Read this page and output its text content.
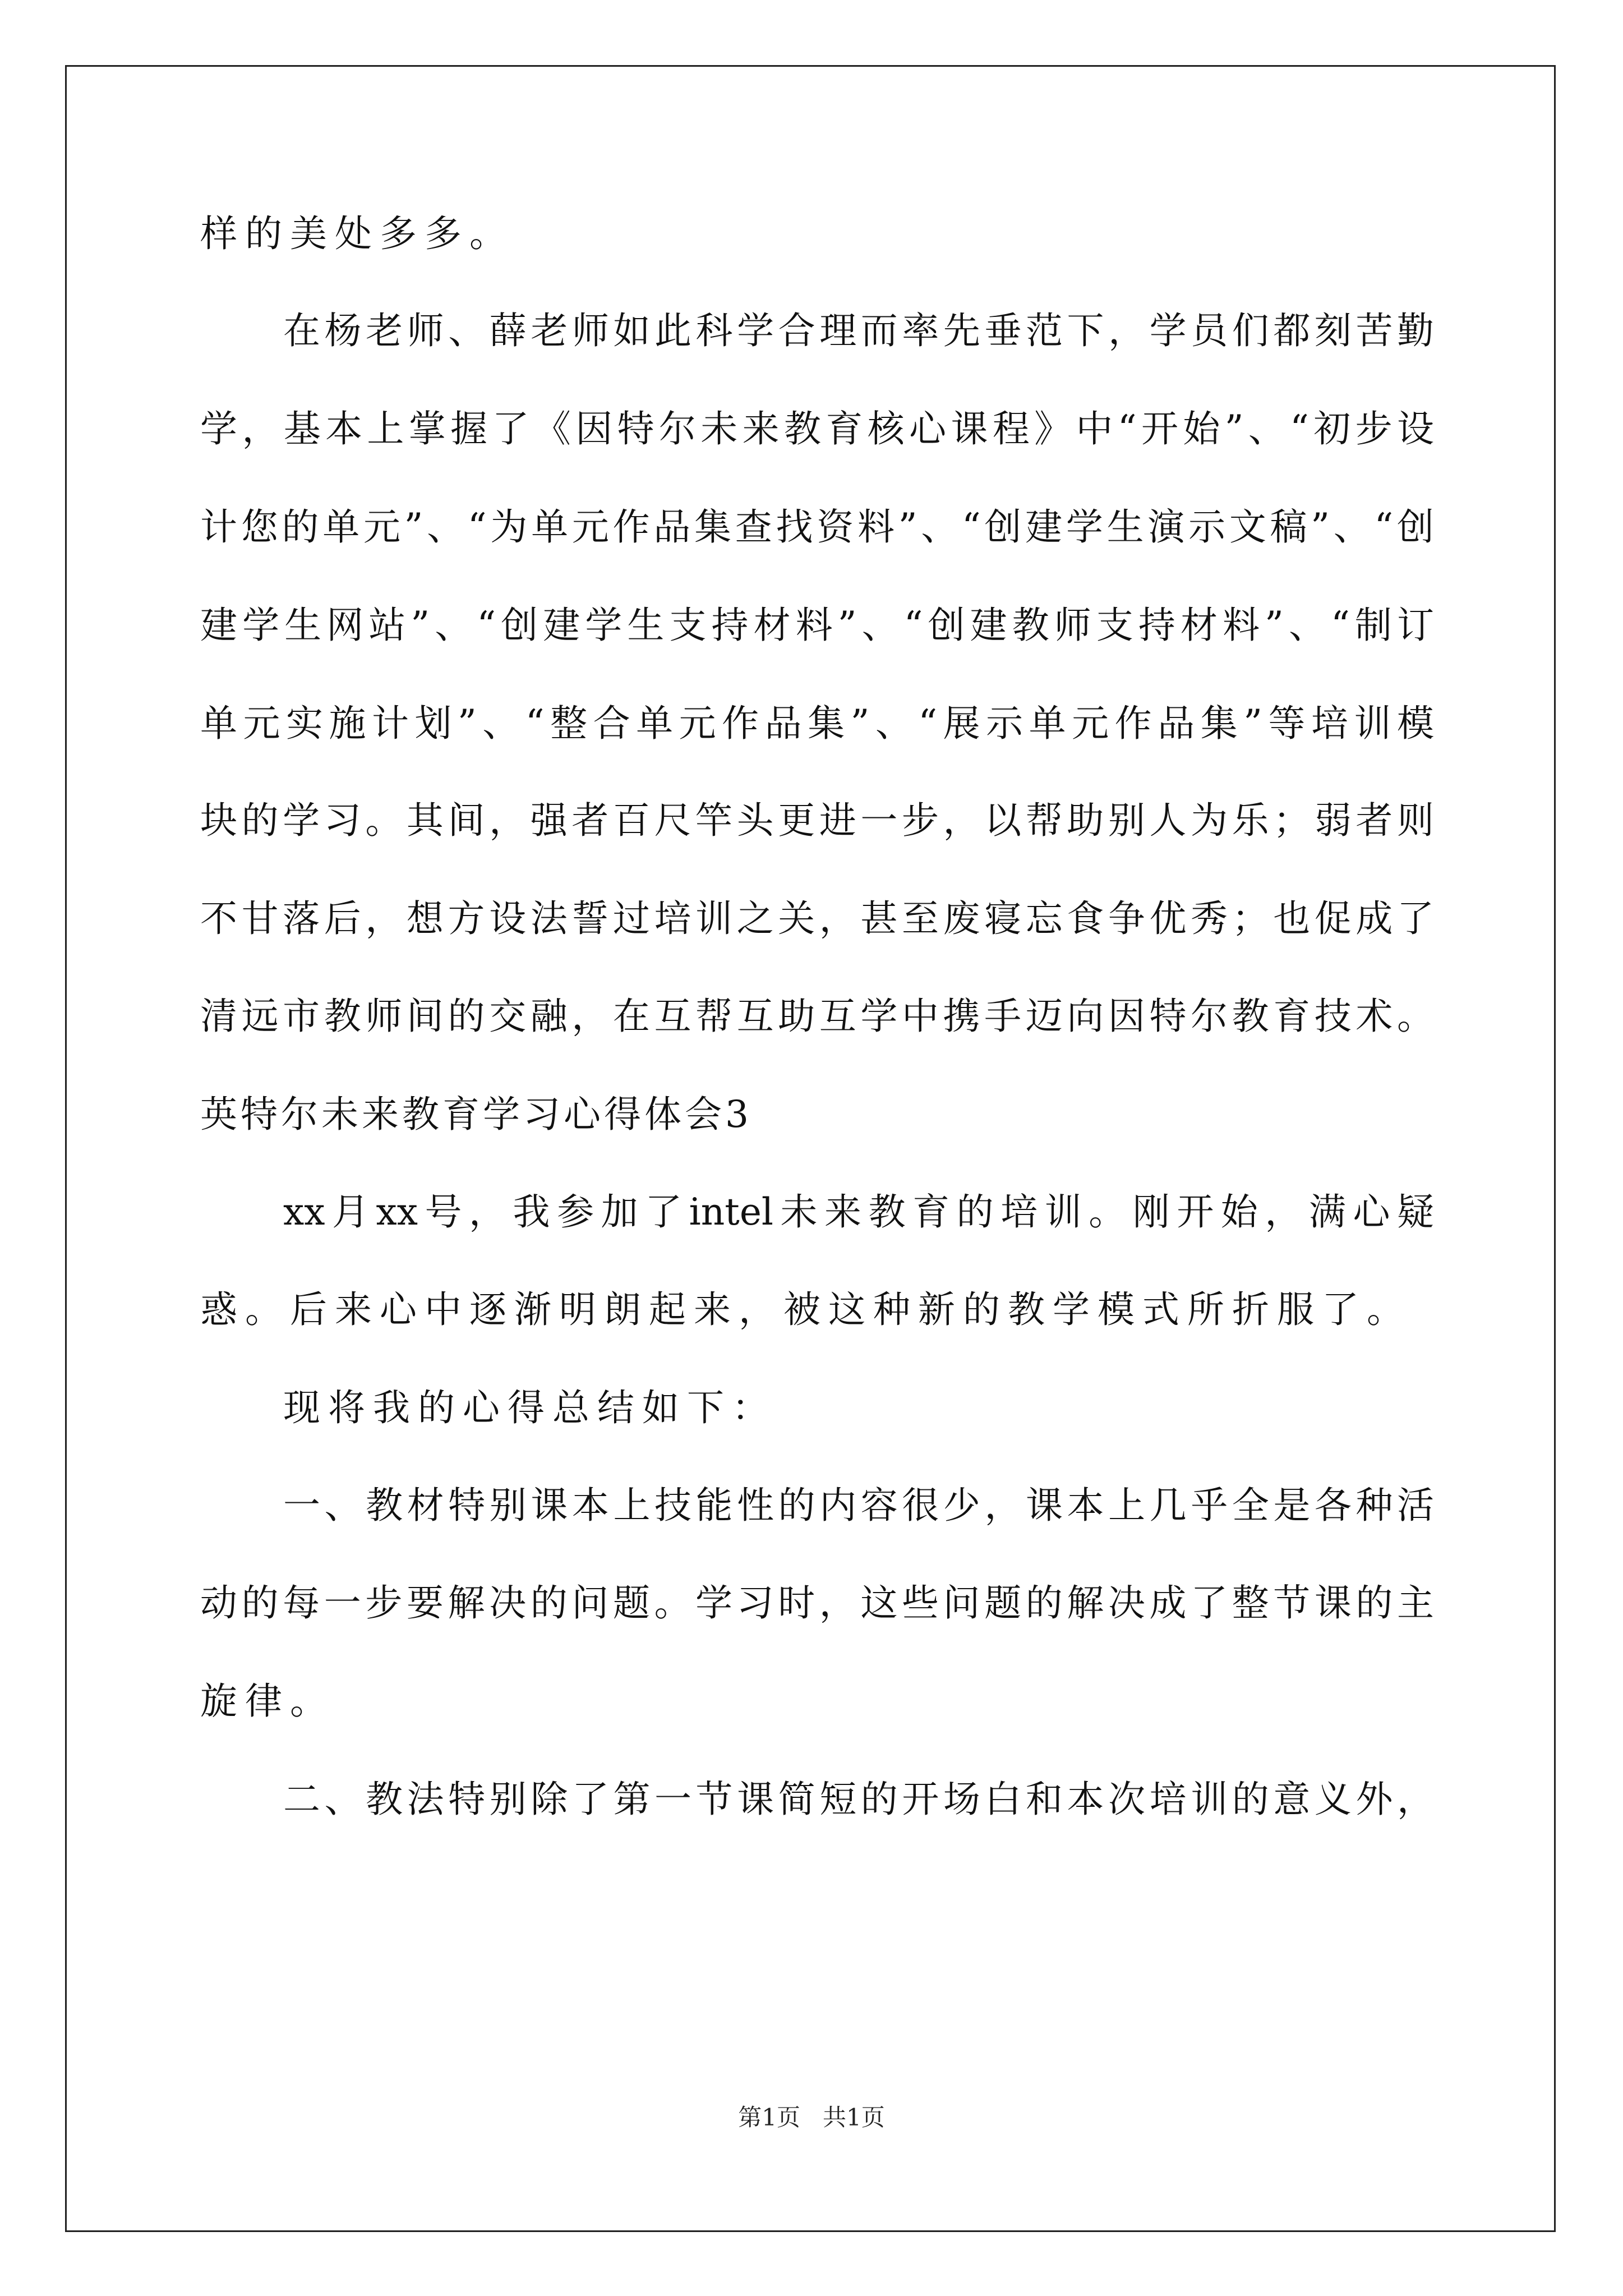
样的美处多多。

在杨老师、薛老师如此科学合理而率先垂范下，学员们都刻苦勤

学，基本上掌握了《因特尔未来教育核心课程》中“开始”、“初步设

计您的单元”、“为单元作品集查找资料”、“创建学生演示文稿”、“创

建学生网站”、“创建学生支持材料”、“创建教师支持材料”、“制订

单元实施计划”、“整合单元作品集”、“展示单元作品集”等培训模

块的学习。其间，强者百尺竿头更进一步，以帮助别人为乐；弱者则

不甘落后，想方设法誓过培训之关，甚至废寝忘食争优秀；也促成了

清远市教师间的交融，在互帮互助互学中携手迈向因特尔教育技术。

英特尔未来教育学习心得体会3

xx月xx号，我参加了intel未来教育的培训。刚开始，满心疑

惑。后来心中逐渐明朗起来，被这种新的教学模式所折服了。

现将我的心得总结如下：

一、教材特别课本上技能性的内容很少，课本上几乎全是各种活

动的每一步要解决的问题。学习时，这些问题的解决成了整节课的主

旋律。

二、教法特别除了第一节课简短的开场白和本次培训的意义外，

第1页   共1页
